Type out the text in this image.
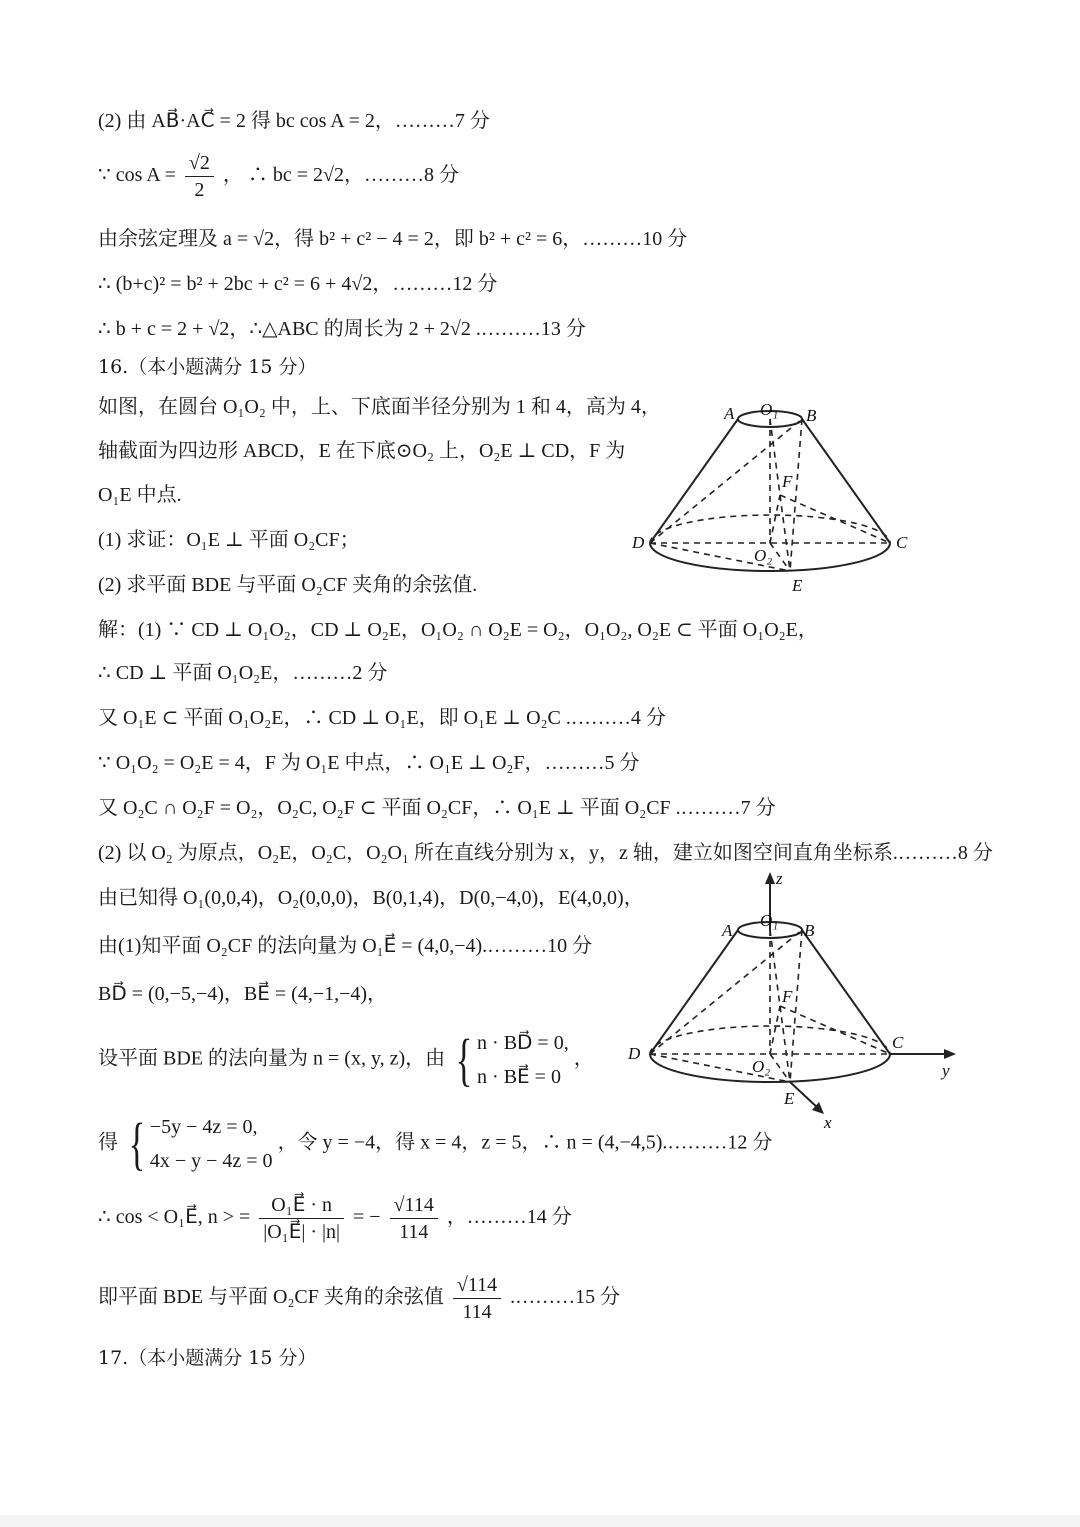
(2) 由 AB⃗·AC⃗ = 2 得 bc cos A = 2，………7 分
∵ $\cos A = \frac{√2}{2}$ ， ∴ bc = 2√2，………8 分
由余弦定理及 a = √2，得 b² + c² − 4 = 2，即 b² + c² = 6，………10 分
∴ (b+c)² = b² + 2bc + c² = 6 + 4√2，………12 分
∴ b + c = 2 + √2，∴△ABC 的周长为 2 + 2√2 .………13 分
16.（本小题满分 15 分）
如图，在圆台 O₁O₂ 中，上、下底面半径分别为 1 和 4，高为 4，
轴截面为四边形 ABCD，E 在下底⊙O₂ 上，O₂E ⊥ CD，F 为
O₁E 中点.
(1) 求证：O₁E ⊥ 平面 O₂CF；
(2) 求平面 BDE 与平面 O₂CF 夹角的余弦值.
解：(1) ∵ CD ⊥ O₁O₂，CD ⊥ O₂E，O₁O₂ ∩ O₂E = O₂，O₁O₂, O₂E ⊂ 平面 O₁O₂E，
∴ CD ⊥ 平面 O₁O₂E，………2 分
又 O₁E ⊂ 平面 O₁O₂E，∴ CD ⊥ O₁E，即 O₁E ⊥ O₂C .………4 分
∵ O₁O₂ = O₂E = 4，F 为 O₁E 中点，∴ O₁E ⊥ O₂F，………5 分
又 O₂C ∩ O₂F = O₂，O₂C, O₂F ⊂ 平面 O₂CF，∴ O₁E ⊥ 平面 O₂CF .………7 分
(2) 以 O₂ 为原点，O₂E，O₂C，O₂O₁ 所在直线分别为 x，y，z 轴，建立如图空间直角坐标系.………8 分
由已知得 O₁(0,0,4)，O₂(0,0,0)，B(0,1,4)，D(0,−4,0)，E(4,0,0)，
由(1)知平面 O₂CF 的法向量为 O₁E⃗ = (4,0,−4).………10 分
BD⃗ = (0,−5,−4)，BE⃗ = (4,−1,−4)，
设平面 BDE 的法向量为 n = (x, y, z)，由 { n · BD⃗ = 0,
n · BE⃗ = 0
，
得 { −5y − 4z = 0,
4x − y − 4z = 0
，令 y = −4，得 x = 4，z = 5，∴ n = (4,−4,5).………12 分
∴ cos < O₁E⃗, n > = $\frac{\text{O₁E⃗ · n}}{\text{|O₁E⃗| · |n|}}$ = − $\frac{√114}{114}$ ，………14 分
即平面 BDE 与平面 O₂CF 夹角的余弦值 $\frac{√114}{114}$ .………15 分
17.（本小题满分 15 分）
A O₁ B
F
D
O₂
C
E
A
O₁
B
F
D
O₂
C
E
x
y
z
